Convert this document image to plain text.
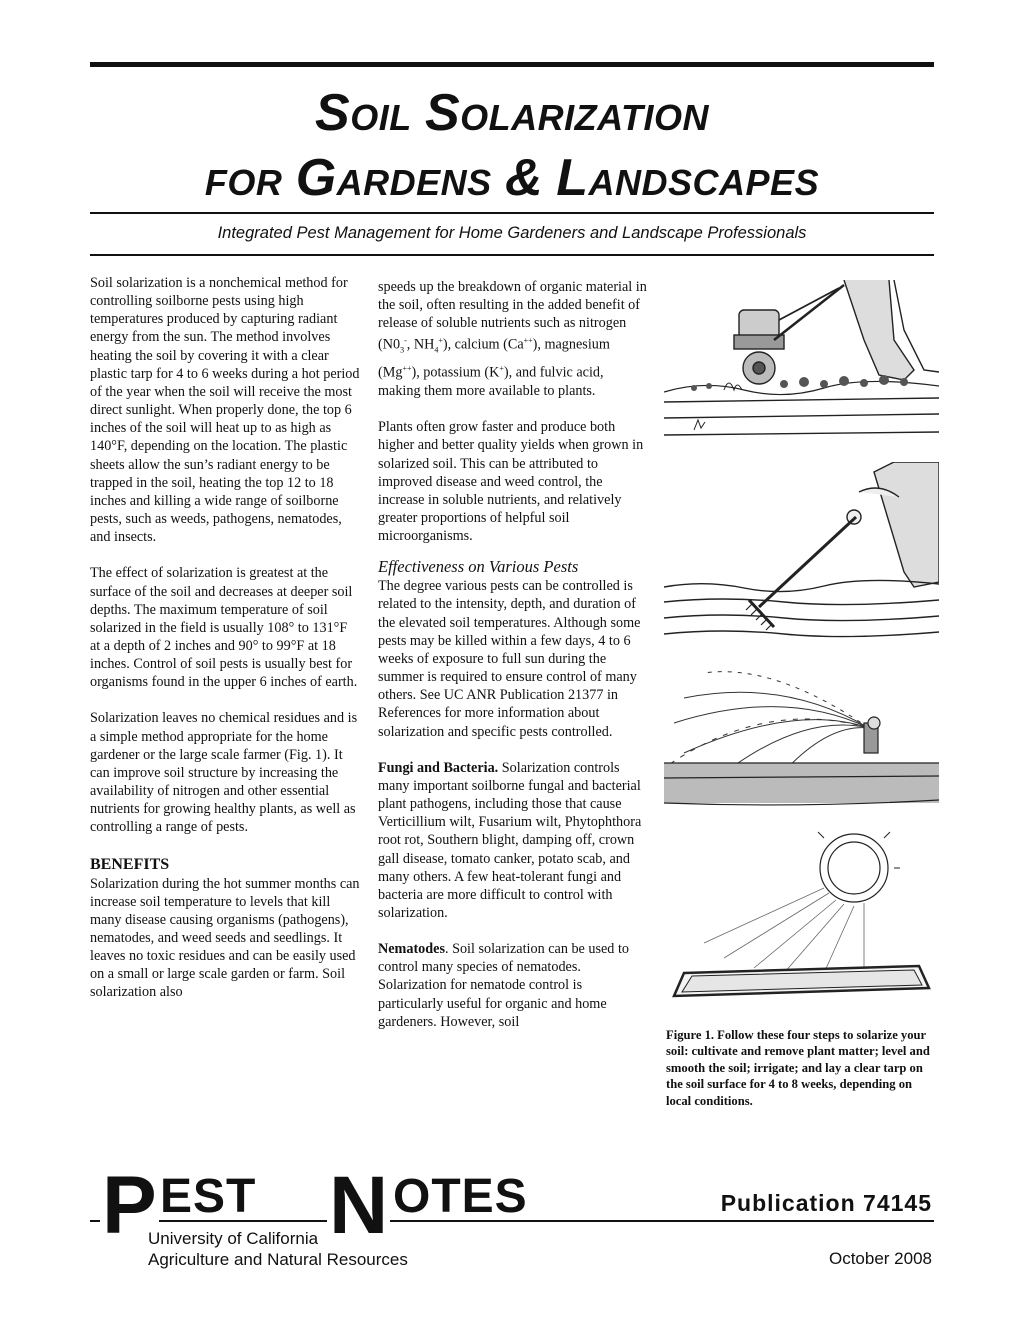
SOIL SOLARIZATION
FOR GARDENS & LANDSCAPES
Integrated Pest Management for Home Gardeners and Landscape Professionals

Soil solarization is a nonchemical method for controlling soilborne pests using high temperatures produced by capturing radiant energy from the sun. The method involves heating the soil by covering it with a clear plastic tarp for 4 to 6 weeks during a hot period of the year when the soil will receive the most direct sunlight. When properly done, the top 6 inches of the soil will heat up to as high as 140°F, depending on the location. The plastic sheets allow the sun’s radiant energy to be trapped in the soil, heating the top 12 to 18 inches and killing a wide range of soilborne pests, such as weeds, pathogens, nematodes, and insects.

The effect of solarization is greatest at the surface of the soil and decreases at deeper soil depths. The maximum temperature of soil solarized in the field is usually 108° to 131°F at a depth of 2 inches and 90° to 99°F at 18 inches. Control of soil pests is usually best for organisms found in the upper 6 inches of earth.

Solarization leaves no chemical residues and is a simple method appropriate for the home gardener or the large scale farmer (Fig. 1). It can improve soil structure by increasing the availability of nitrogen and other essential nutrients for growing healthy plants, as well as controlling a range of pests.

BENEFITS

Solarization during the hot summer months can increase soil temperature to levels that kill many disease causing organisms (pathogens), nematodes, and weed seeds and seedlings. It leaves no toxic residues and can be easily used on a small or large scale garden or farm. Soil solarization also

speeds up the breakdown of organic material in the soil, often resulting in the added benefit of release of soluble nutrients such as nitrogen ($N0_3^-$, $NH_4^+$), calcium (Ca++), magnesium (Mg++), potassium (K+), and fulvic acid, making them more available to plants.

Plants often grow faster and produce both higher and better quality yields when grown in solarized soil. This can be attributed to improved disease and weed control, the increase in soluble nutrients, and relatively greater proportions of helpful soil microorganisms.

Effectiveness on Various Pests

The degree various pests can be controlled is related to the intensity, depth, and duration of the elevated soil temperatures. Although some pests may be killed within a few days, 4 to 6 weeks of exposure to full sun during the summer is required to ensure control of many others. See UC ANR Publication 21377 in References for more information about solarization and specific pests controlled.

Fungi and Bacteria. Solarization controls many important soilborne fungal and bacterial plant pathogens, including those that cause Verticillium wilt, Fusarium wilt, Phytophthora root rot, Southern blight, damping off, crown gall disease, tomato canker, potato scab, and many others. A few heat-tolerant fungi and bacteria are more difficult to control with solarization.

Nematodes. Soil solarization can be used to control many species of nematodes. Solarization for nematode control is particularly useful for organic and home gardeners. However, soil

Figure 1. Follow these four steps to solarize your soil: cultivate and remove plant matter; level and smooth the soil; irrigate; and lay a clear tarp on the soil surface for 4 to 8 weeks, depending on local conditions.
EST	OTES
P N	Publication 74145
University of California
Agriculture and Natural Resources	October 2008
